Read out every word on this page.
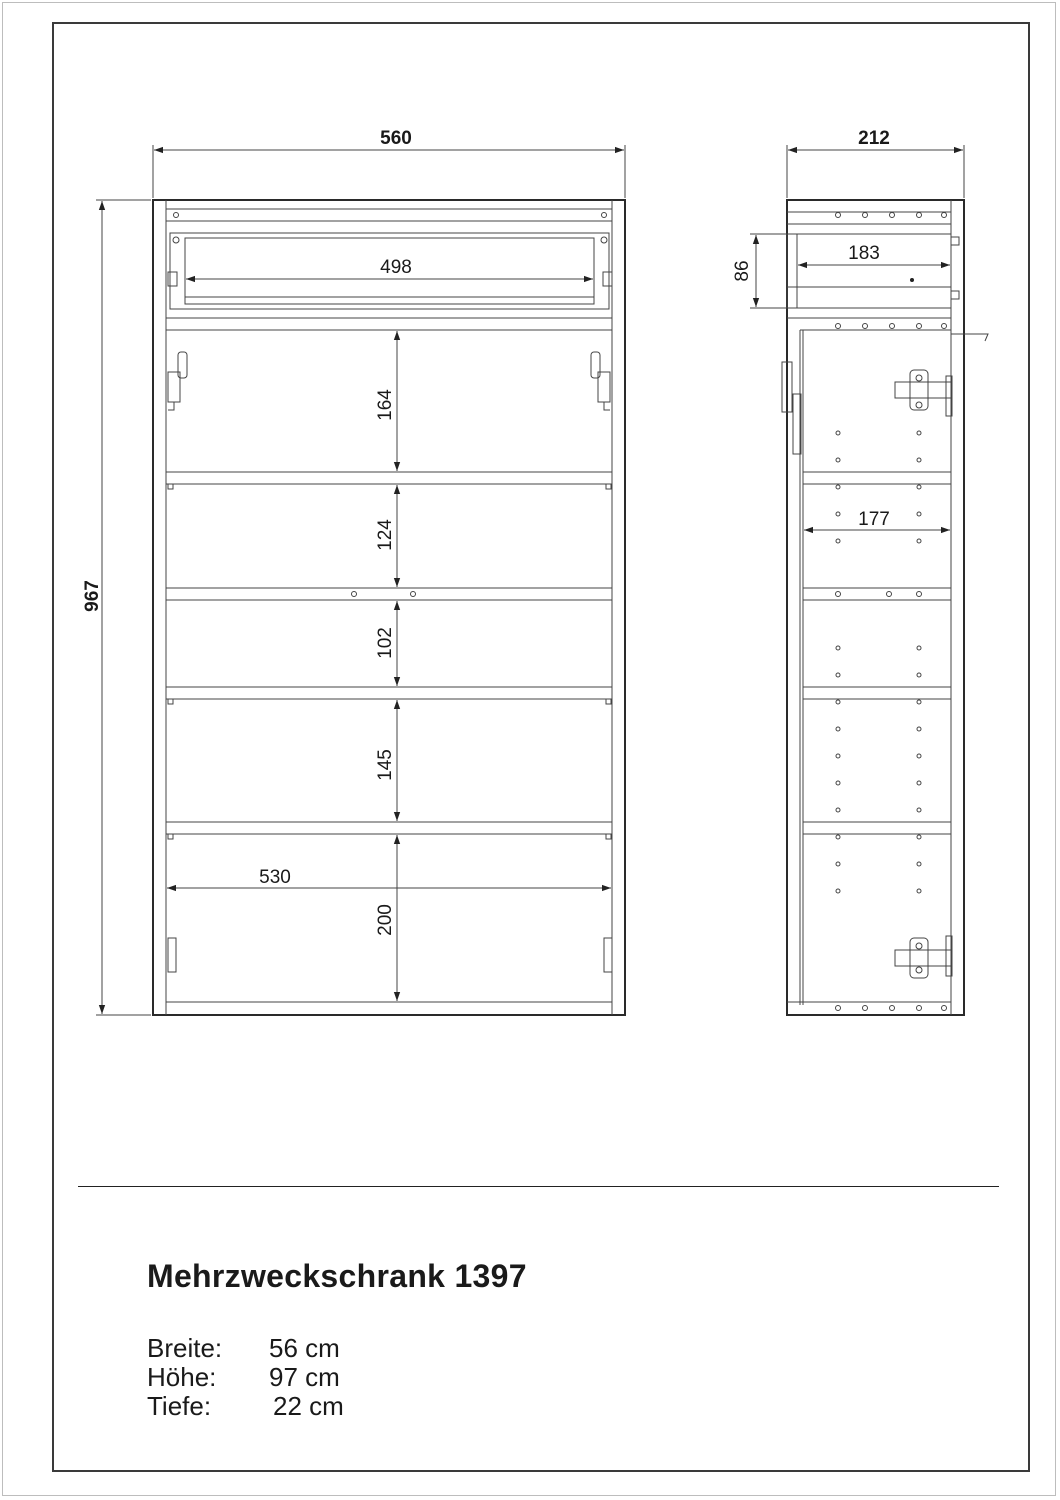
560
967
498
530
164
124
102
145
200
212
86
183
177
Mehrzweckschrank 1397
Breite: 56 cm
Höhe: 97 cm
Tiefe: 22 cm
